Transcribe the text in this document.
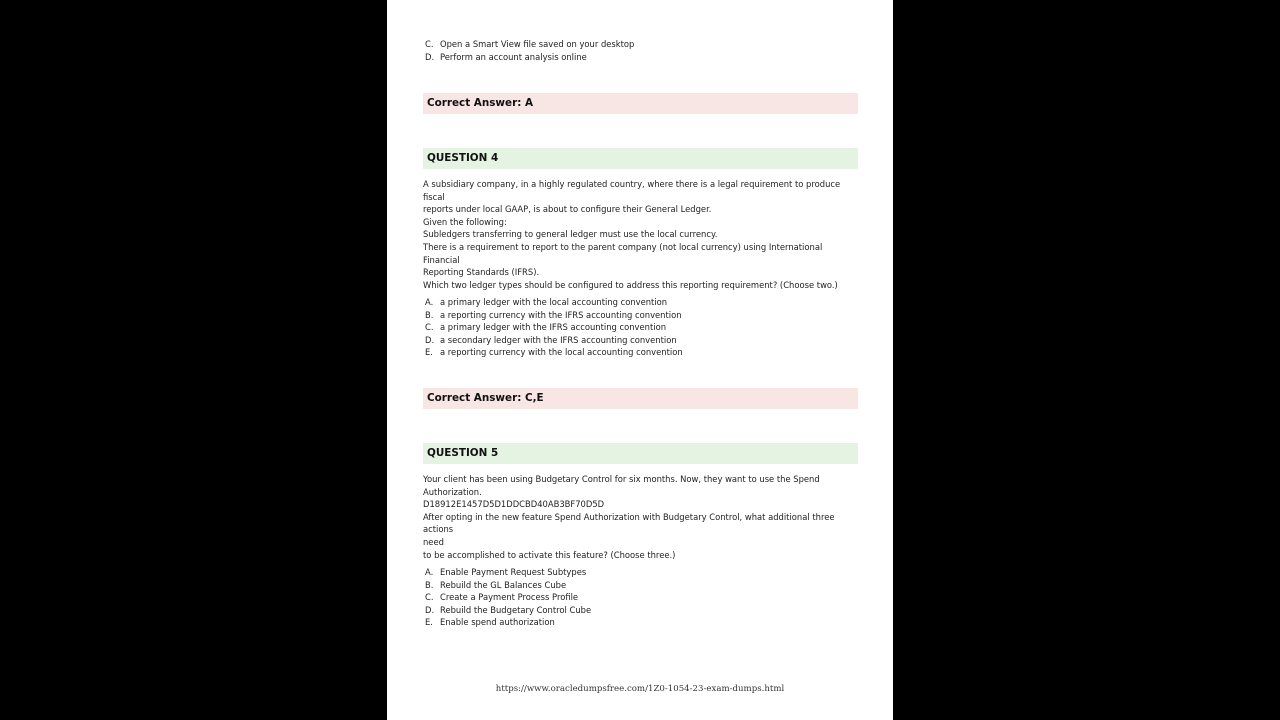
C. Open a Smart View file saved on your desktop
D. Perform an account analysis online
Correct Answer: A
QUESTION 4
A subsidiary company, in a highly regulated country, where there is a legal requirement to produce
fiscal
reports under local GAAP, is about to configure their General Ledger.
Given the following:
Subledgers transferring to general ledger must use the local currency.
There is a requirement to report to the parent company (not local currency) using International
Financial
Reporting Standards (IFRS).
Which two ledger types should be configured to address this reporting requirement? (Choose two.)
A. a primary ledger with the local accounting convention
B. a reporting currency with the IFRS accounting convention
C. a primary ledger with the IFRS accounting convention
D. a secondary ledger with the IFRS accounting convention
E. a reporting currency with the local accounting convention
Correct Answer: C,E
QUESTION 5
Your client has been using Budgetary Control for six months. Now, they want to use the Spend
Authorization.
D18912E1457D5D1DDCBD40AB3BF70D5D
After opting in the new feature Spend Authorization with Budgetary Control, what additional three
actions
need
to be accomplished to activate this feature? (Choose three.)
A. Enable Payment Request Subtypes
B. Rebuild the GL Balances Cube
C. Create a Payment Process Profile
D. Rebuild the Budgetary Control Cube
E. Enable spend authorization
https://www.oracledumpsfree.com/1Z0-1054-23-exam-dumps.html
